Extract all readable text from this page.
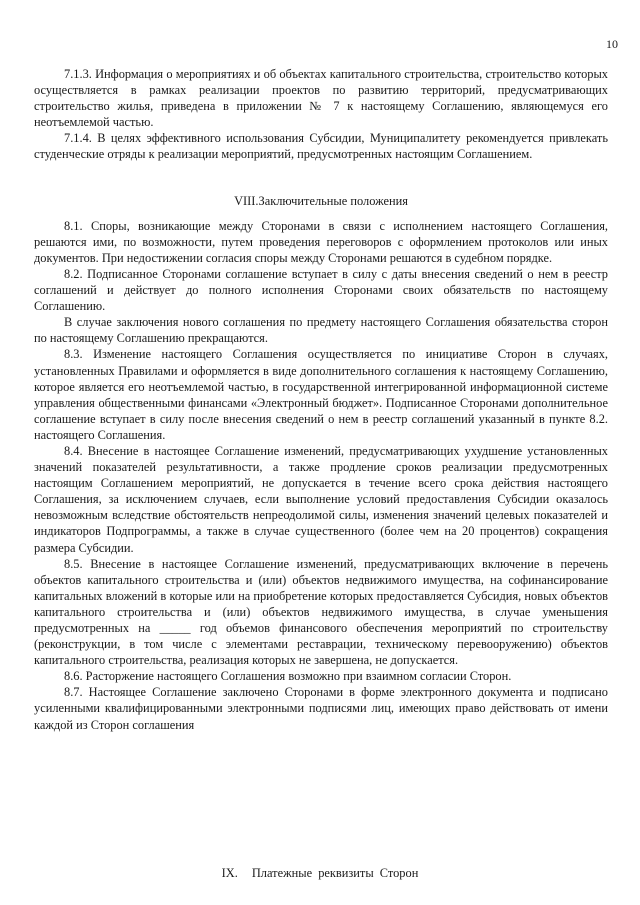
10

7.1.3. Информация о мероприятиях и об объектах капитального строительства, строительство которых осуществляется в рамках реализации проектов по развитию территорий, предусматривающих строительство жилья, приведена в приложении № 7 к настоящему Соглашению, являющемуся его неотъемлемой частью.

7.1.4. В целях эффективного использования Субсидии, Муниципалитету рекомендуется привлекать студенческие отряды к реализации мероприятий, предусмотренных настоящим Соглашением.

VIII.Заключительные положения

8.1. Споры, возникающие между Сторонами в связи с исполнением настоящего Соглашения, решаются ими, по возможности, путем проведения переговоров с оформлением протоколов или иных документов. При недостижении согласия споры между Сторонами решаются в судебном порядке.

8.2. Подписанное Сторонами соглашение вступает в силу с даты внесения сведений о нем в реестр соглашений и действует до полного исполнения Сторонами своих обязательств по настоящему Соглашению.

В случае заключения нового соглашения по предмету настоящего Соглашения обязательства сторон по настоящему Соглашению прекращаются.

8.3. Изменение настоящего Соглашения осуществляется по инициативе Сторон в случаях, установленных Правилами и оформляется в виде дополнительного соглашения к настоящему Соглашению, которое является его неотъемлемой частью, в государственной интегрированной информационной системе управления общественными финансами «Электронный бюджет». Подписанное Сторонами дополнительное соглашение вступает в силу после внесения сведений о нем в реестр соглашений указанный в пункте 8.2. настоящего Соглашения.

8.4. Внесение в настоящее Соглашение изменений, предусматривающих ухудшение установленных значений показателей результативности, а также продление сроков реализации предусмотренных настоящим Соглашением мероприятий, не допускается в течение всего срока действия настоящего Соглашения, за исключением случаев, если выполнение условий предоставления Субсидии оказалось невозможным вследствие обстоятельств непреодолимой силы, изменения значений целевых показателей и индикаторов Подпрограммы, а также в случае существенного (более чем на 20 процентов) сокращения размера Субсидии.

8.5. Внесение в настоящее Соглашение изменений, предусматривающих включение в перечень объектов капитального строительства и (или) объектов недвижимого имущества, на софинансирование капитальных вложений в которые или на приобретение которых предоставляется Субсидия, новых объектов капитального строительства и (или) объектов недвижимого имущества, в случае уменьшения предусмотренных на _____ год объемов финансового обеспечения мероприятий по строительству (реконструкции, в том числе с элементами реставрации, техническому перевооружению) объектов капитального строительства, реализация которых не завершена, не допускается.

8.6. Расторжение настоящего Соглашения возможно при взаимном согласии Сторон.

8.7. Настоящее Соглашение заключено Сторонами в форме электронного документа и подписано усиленными квалифицированными электронными подписями лиц, имеющих право действовать от имени каждой из Сторон соглашения

IX. Платежные реквизиты Сторон
